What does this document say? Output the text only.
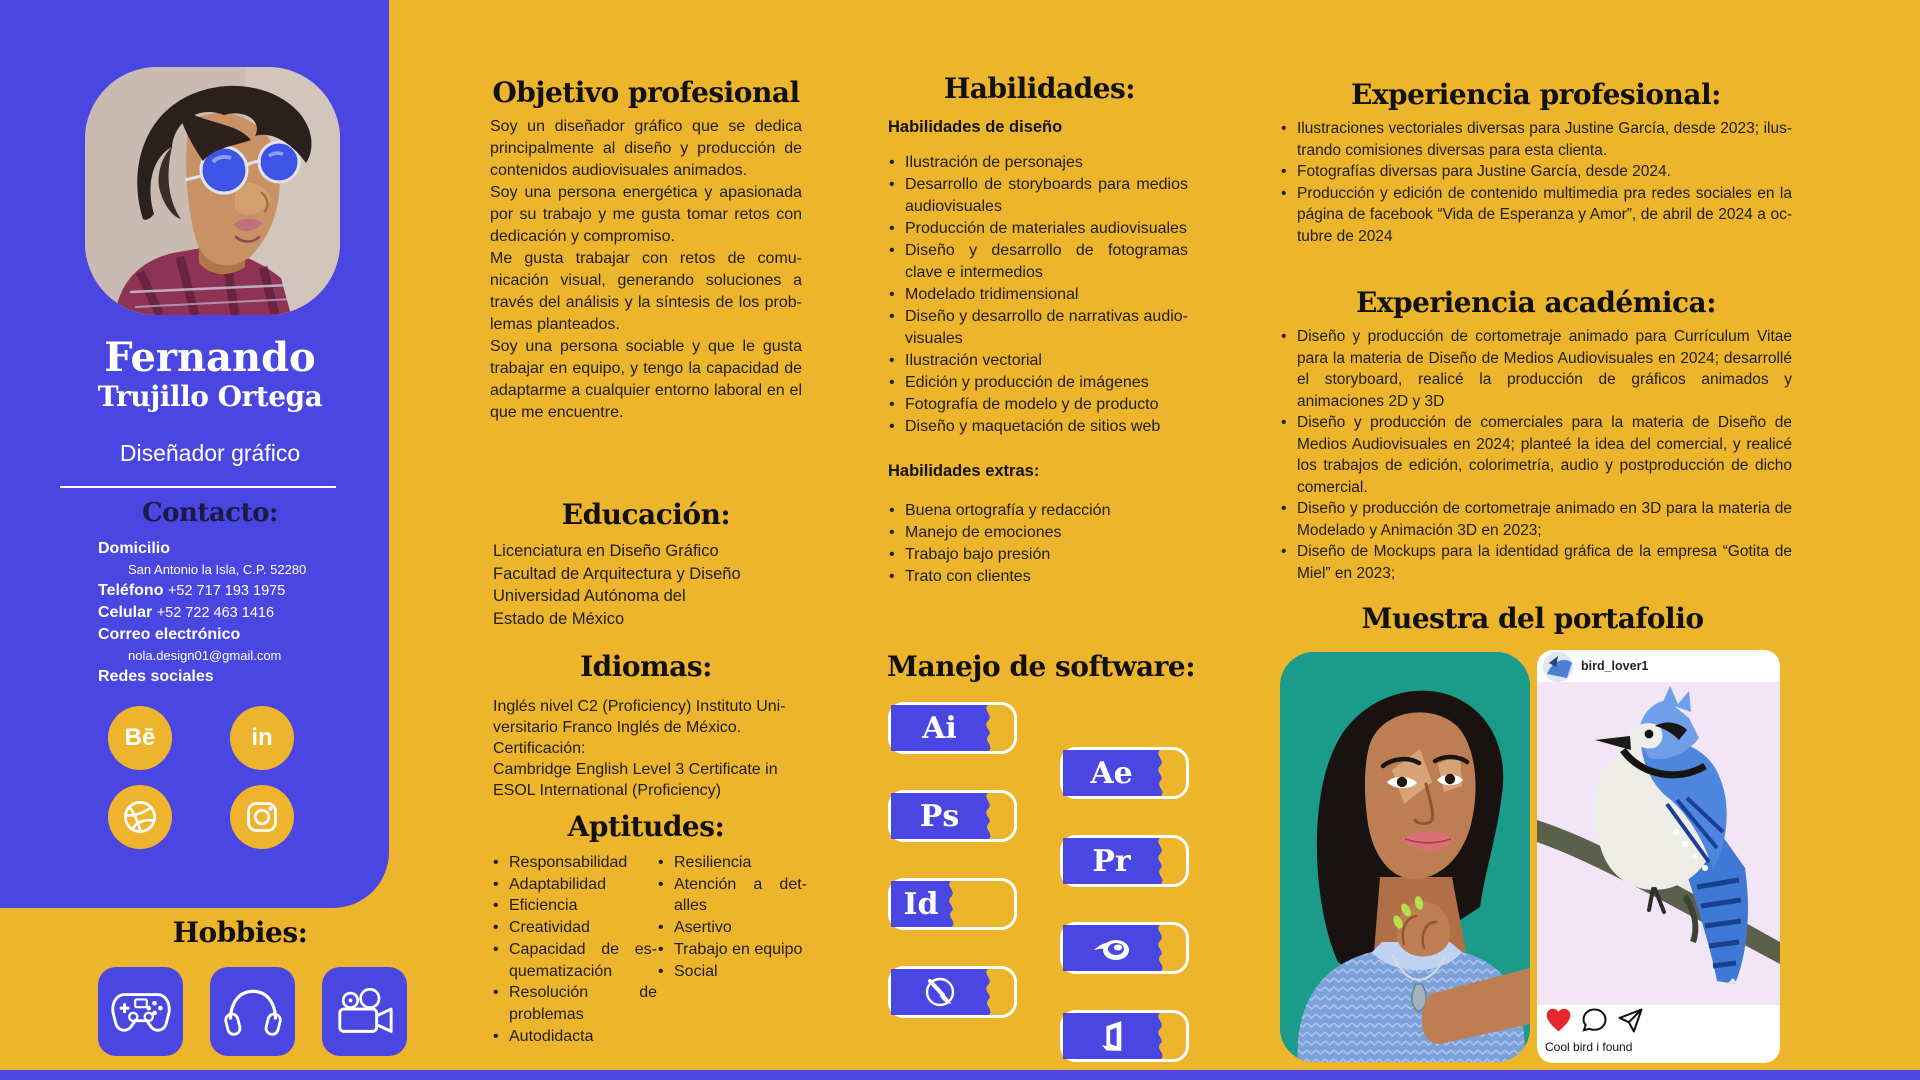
Fernando
Trujillo Ortega
Diseñador gráfico
Contacto:
Domicilio
San Antonio la Isla, C.P. 52280
Teléfono +52 717 193 1975
Celular +52 722 463 1416
Correo electrónico
nola.design01@gmail.com
Redes sociales
Bē	in
Hobbies:
Objetivo profesional

Soy un diseñador gráfico que se dedica principalmente al diseño y producción de contenidos audiovisuales animados.

Soy una persona energética y apasionada por su trabajo y me gusta tomar retos con dedicación y compromiso.

Me gusta trabajar con retos de comunicación visual, generando soluciones a través del análisis y la síntesis de los problemas planteados.

Soy una persona sociable y que le gusta trabajar en equipo, y tengo la capacidad de adaptarme a cualquier entorno laboral en el que me encuentre.

Educación:
Licenciatura en Diseño Gráfico
Facultad de Arquitectura y Diseño
Universidad Autónoma del
Estado de México
Idiomas:

Inglés nivel C2 (Proficiency) Instituto Universitario Franco Inglés de México.

Certificación:

Cambridge English Level 3 Certificate in ESOL International (Proficiency)

Aptitudes:
• Responsabilidad
• Adaptabilidad
• Eficiencia
• Creatividad
• Capacidad de esquematización
• Resolución de problemas
• Autodidacta
• Resiliencia
• Atención a detalles
• Asertivo
• Trabajo en equipo
• Social
Habilidades:
Habilidades de diseño
• Ilustración de personajes
• Desarrollo de storyboards para medios audiovisuales
• Producción de materiales audiovisuales
• Diseño y desarrollo de fotogramas clave e intermedios
• Modelado tridimensional
• Diseño y desarrollo de narrativas audiovisuales
• Ilustración vectorial
• Edición y producción de imágenes
• Fotografía de modelo y de producto
• Diseño y maquetación de sitios web
Habilidades extras:
• Buena ortografía y redacción
• Manejo de emociones
• Trabajo bajo presión
• Trato con clientes
Manejo de software:
Ai
Ae
Ps
Pr
Id
Experiencia profesional:
• Ilustraciones vectoriales diversas para Justine García, desde 2023; ilustrando comisiones diversas para esta clienta.
• Fotografías diversas para Justine García, desde 2024.
• Producción y edición de contenido multimedia pra redes sociales en la página de facebook “Vida de Esperanza y Amor”, de abril de 2024 a octubre de 2024
Experiencia académica:
• Diseño y producción de cortometraje animado para Currículum Vitae para la materia de Diseño de Medios Audiovisuales en 2024; desarrollé el storyboard, realicé la producción de gráficos animados y animaciones 2D y 3D
• Diseño y producción de comerciales para la materia de Diseño de Medios Audiovisuales en 2024; planteé la idea del comercial, y realicé los trabajos de edición, colorimetría, audio y postproducción de dicho comercial.
• Diseño y producción de cortometraje animado en 3D para la materia de Modelado y Animación 3D en 2023;
• Diseño de Mockups para la identidad gráfica de la empresa “Gotita de Miel” en 2023;
Muestra del portafolio
bird_lover1
Cool bird i found
